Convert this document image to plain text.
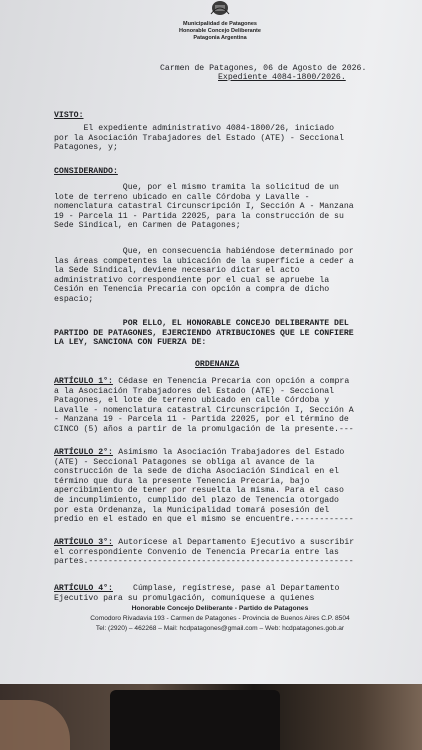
Municipalidad de Patagones
Honorable Concejo Deliberante
Patagonia Argentina
Carmen de Patagones, 06 de Agosto de 2026.
Expediente 4084-1800/2026.
VISTO:
El expediente administrativo 4084-1800/26, iniciado
por la Asociación Trabajadores del Estado (ATE) - Seccional
Patagones, y;
CONSIDERANDO:
Que, por el mismo tramita la solicitud de un
lote de terreno ubicado en calle Córdoba y Lavalle -
nomenclatura catastral Circunscripción I, Sección A - Manzana
19 - Parcela 11 - Partida 22025, para la construcción de su
Sede Sindical, en Carmen de Patagones;
Que, en consecuencia habiéndose determinado por
las áreas competentes la ubicación de la superficie a ceder a
la Sede Sindical, deviene necesario dictar el acto
administrativo correspondiente por el cual se apruebe la
Cesión en Tenencia Precaria con opción a compra de dicho
espacio;
POR ELLO, EL HONORABLE CONCEJO DELIBERANTE DEL
PARTIDO DE PATAGONES, EJERCIENDO ATRIBUCIONES QUE LE CONFIERE
LA LEY, SANCIONA CON FUERZA DE:
ORDENANZA
ARTÍCULO 1°: Cédase en Tenencia Precaria con opción a compra
a la Asociación Trabajadores del Estado (ATE) - Seccional
Patagones, el lote de terreno ubicado en calle Córdoba y
Lavalle - nomenclatura catastral Circunscripción I, Sección A
- Manzana 19 - Parcela 11 - Partida 22025, por el término de
CINCO (5) años a partir de la promulgación de la presente.---
ARTÍCULO 2°: Asimismo la Asociación Trabajadores del Estado
(ATE) - Seccional Patagones se obliga al avance de la
construcción de la sede de dicha Asociación Sindical en el
término que dura la presente Tenencia Precaria, bajo
apercibimiento de tener por resuelta la misma. Para el caso
de incumplimiento, cumplido del plazo de Tenencia otorgado
por esta Ordenanza, la Municipalidad tomará posesión del
predio en el estado en que el mismo se encuentre.------------
ARTÍCULO 3°: Autorícese al Departamento Ejecutivo a suscribir
el correspondiente Convenio de Tenencia Precaria entre las
partes.------------------------------------------------------
ARTÍCULO 4°: Cúmplase, regístrese, pase al Departamento
Ejecutivo para su promulgación, comuníquese a quienes
Honorable Concejo Deliberante - Partido de Patagones
Comodoro Rivadavia 193 - Carmen de Patagones - Provincia de Buenos Aires C.P. 8504
Tel: (2920) – 462268 – Mail: hcdpatagones@gmail.com – Web: hcdpatagones.gob.ar
